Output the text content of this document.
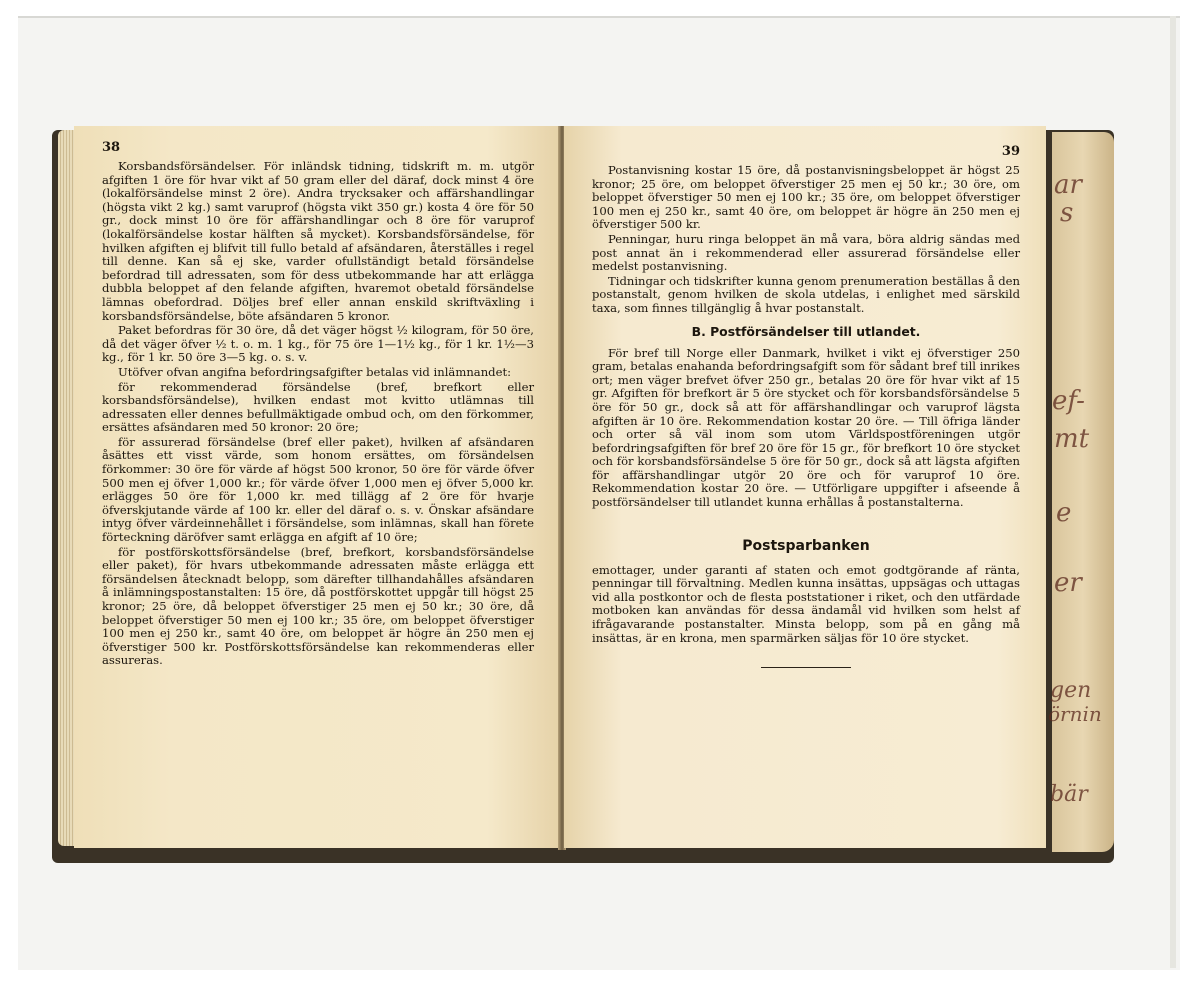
38

Korsbandsförsändelser. För inländsk tidning, tidskrift m. m. utgör afgiften 1 öre för hvar vikt af 50 gram eller del däraf, dock minst 4 öre (lokalförsändelse minst 2 öre). Andra trycksaker och affärshandlingar (högsta vikt 2 kg.) samt varuprof (högsta vikt 350 gr.) kosta 4 öre för 50 gr., dock minst 10 öre för affärshandlingar och 8 öre för varuprof (lokalförsändelse kostar hälften så mycket). Korsbandsförsändelse, för hvilken afgiften ej blifvit till fullo betald af afsändaren, återställes i regel till denne. Kan så ej ske, varder ofullständigt betald försändelse befordrad till adressaten, som för dess utbekommande har att erlägga dubbla beloppet af den felande afgiften, hvaremot obetald försändelse lämnas obefordrad. Döljes bref eller annan enskild skriftväxling i korsbandsförsändelse, böte afsändaren 5 kronor.

Paket befordras för 30 öre, då det väger högst ½ kilogram, för 50 öre, då det väger öfver ½ t. o. m. 1 kg., för 75 öre 1—1½ kg., för 1 kr. 1½—3 kg., för 1 kr. 50 öre 3—5 kg. o. s. v.

Utöfver ofvan angifna befordringsafgifter betalas vid inlämnandet:

för rekommenderad försändelse (bref, brefkort eller korsbandsförsändelse), hvilken endast mot kvitto utlämnas till adressaten eller dennes befullmäktigade ombud och, om den förkommer, ersättes afsändaren med 50 kronor: 20 öre;

för assurerad försändelse (bref eller paket), hvilken af afsändaren åsättes ett visst värde, som honom ersättes, om försändelsen förkommer: 30 öre för värde af högst 500 kronor, 50 öre för värde öfver 500 men ej öfver 1,000 kr.; för värde öfver 1,000 men ej öfver 5,000 kr. erlägges 50 öre för 1,000 kr. med tillägg af 2 öre för hvarje öfverskjutande värde af 100 kr. eller del däraf o. s. v. Önskar afsändare intyg öfver värdeinnehållet i försändelse, som inlämnas, skall han förete förteckning däröfver samt erlägga en afgift af 10 öre;

för postförskottsförsändelse (bref, brefkort, korsbandsförsändelse eller paket), för hvars utbekommande adressaten måste erlägga ett försändelsen åtecknadt belopp, som därefter tillhandahålles afsändaren å inlämningspostanstalten: 15 öre, då postförskottet uppgår till högst 25 kronor; 25 öre, då beloppet öfverstiger 25 men ej 50 kr.; 30 öre, då beloppet öfverstiger 50 men ej 100 kr.; 35 öre, om beloppet öfverstiger 100 men ej 250 kr., samt 40 öre, om beloppet är högre än 250 men ej öfverstiger 500 kr. Postförskottsförsändelse kan rekommenderas eller assureras.

39

Postanvisning kostar 15 öre, då postanvisningsbeloppet är högst 25 kronor; 25 öre, om beloppet öfverstiger 25 men ej 50 kr.; 30 öre, om beloppet öfverstiger 50 men ej 100 kr.; 35 öre, om beloppet öfverstiger 100 men ej 250 kr., samt 40 öre, om beloppet är högre än 250 men ej öfverstiger 500 kr.

Penningar, huru ringa beloppet än må vara, böra aldrig sändas med post annat än i rekommenderad eller assurerad försändelse eller medelst postanvisning.

Tidningar och tidskrifter kunna genom prenumeration beställas å den postanstalt, genom hvilken de skola utdelas, i enlighet med särskild taxa, som finnes tillgänglig å hvar postanstalt.

B. Postförsändelser till utlandet.

För bref till Norge eller Danmark, hvilket i vikt ej öfverstiger 250 gram, betalas enahanda befordringsafgift som för sådant bref till inrikes ort; men väger brefvet öfver 250 gr., betalas 20 öre för hvar vikt af 15 gr. Afgiften för brefkort är 5 öre stycket och för korsbandsförsändelse 5 öre för 50 gr., dock så att för affärshandlingar och varuprof lägsta afgiften är 10 öre. Rekommendation kostar 20 öre. — Till öfriga länder och orter så väl inom som utom Världspostföreningen utgör befordringsafgiften för bref 20 öre för 15 gr., för brefkort 10 öre stycket och för korsbandsförsändelse 5 öre för 50 gr., dock så att lägsta afgiften för affärshandlingar utgör 20 öre och för varuprof 10 öre. Rekommendation kostar 20 öre. — Utförligare uppgifter i afseende å postförsändelser till utlandet kunna erhållas å postanstalterna.

Postsparbanken

emottager, under garanti af staten och emot godtgörande af ränta, penningar till förvaltning. Medlen kunna insättas, uppsägas och uttagas vid alla postkontor och de flesta poststationer i riket, och den utfärdade motboken kan användas för dessa ändamål vid hvilken som helst af ifrågavarande postanstalter. Minsta belopp, som på en gång må insättas, är en krona, men sparmärken säljas för 10 öre stycket.

ar
s
ef-
mt
e
er
gen
örnin
bär
